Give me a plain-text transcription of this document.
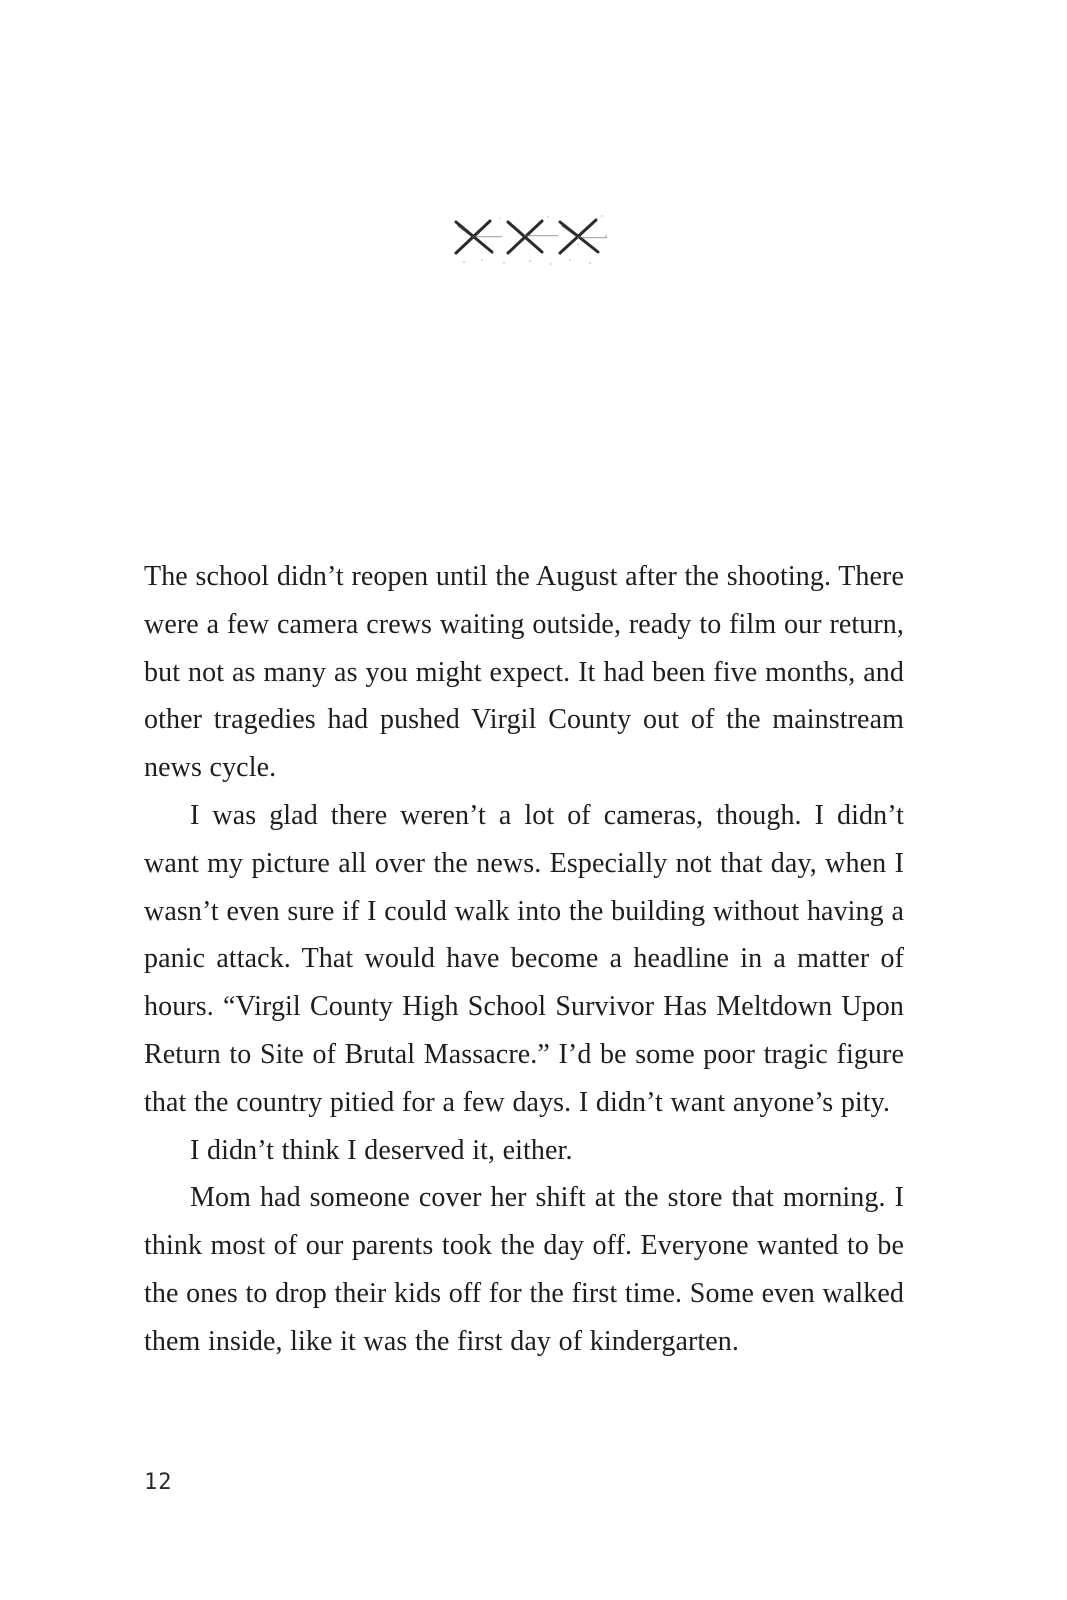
The school didn’t reopen until the August after the shooting. There were a few camera crews waiting outside, ready to film our return, but not as many as you might expect. It had been five months, and other tragedies had pushed Virgil County out of the mainstream news cycle.

I was glad there weren’t a lot of cameras, though. I didn’t want my picture all over the news. Especially not that day, when I wasn’t even sure if I could walk into the building without having a panic attack. That would have become a headline in a matter of hours. “Virgil County High School Survivor Has Meltdown Upon Return to Site of Brutal Massacre.” I’d be some poor tragic figure that the country pitied for a few days. I didn’t want anyone’s pity.

I didn’t think I deserved it, either.

Mom had someone cover her shift at the store that morning. I think most of our parents took the day off. Everyone wanted to be the ones to drop their kids off for the first time. Some even walked them inside, like it was the first day of kindergarten.

12
